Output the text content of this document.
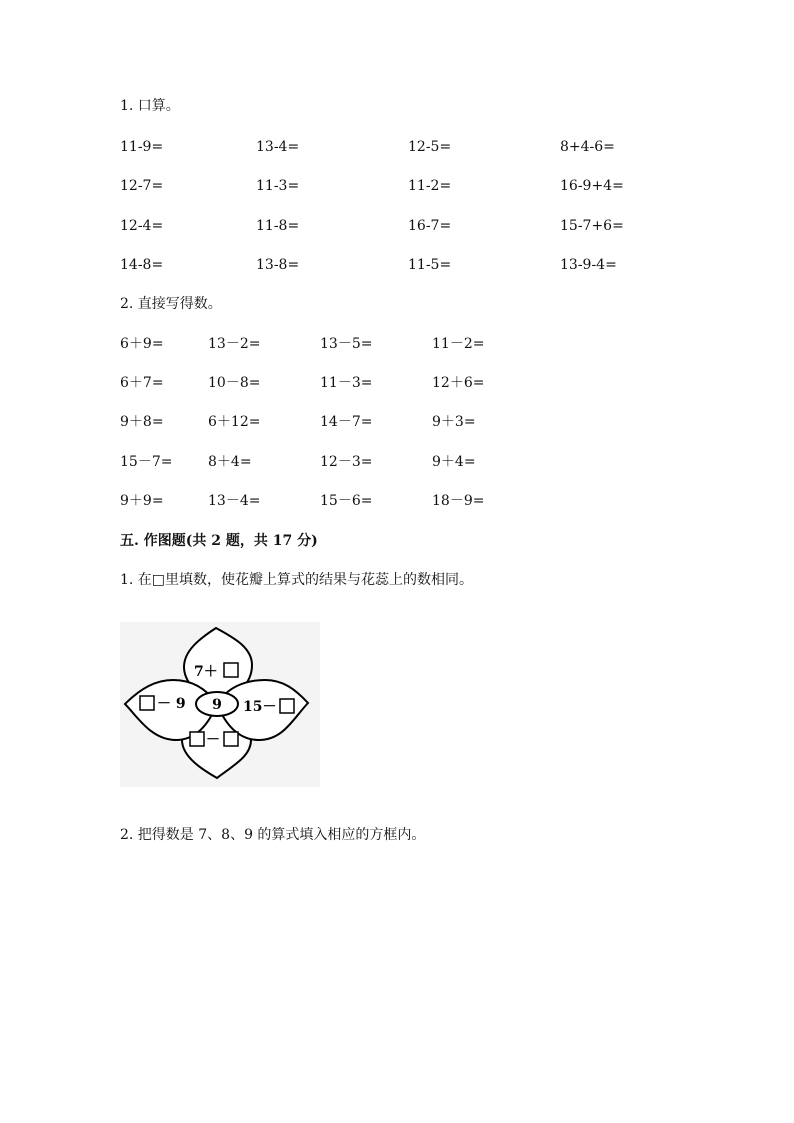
1. 口算。
11-9=	13-4=	12-5=	8+4-6=
12-7=	11-3=	11-2=	16-9+4=
12-4=	11-8=	16-7=	15-7+6=
14-8=	13-8=	11-5=	13-9-4=
2. 直接写得数。
6＋9=	13－2=	13－5=	11－2=
6＋7=	10－8=	11－3=	12＋6=
9＋8=	6＋12=	14－7=	9＋3=
15－7=	8＋4=	12－3=	9＋4=
9＋9=	13－4=	15－6=	18－9=
五. 作图题(共 2 题，共 17 分)
1. 在□里填数，使花瓣上算式的结果与花蕊上的数相同。
9
7＋
－ 9	15－
－
2. 把得数是 7、8、9 的算式填入相应的方框内。
